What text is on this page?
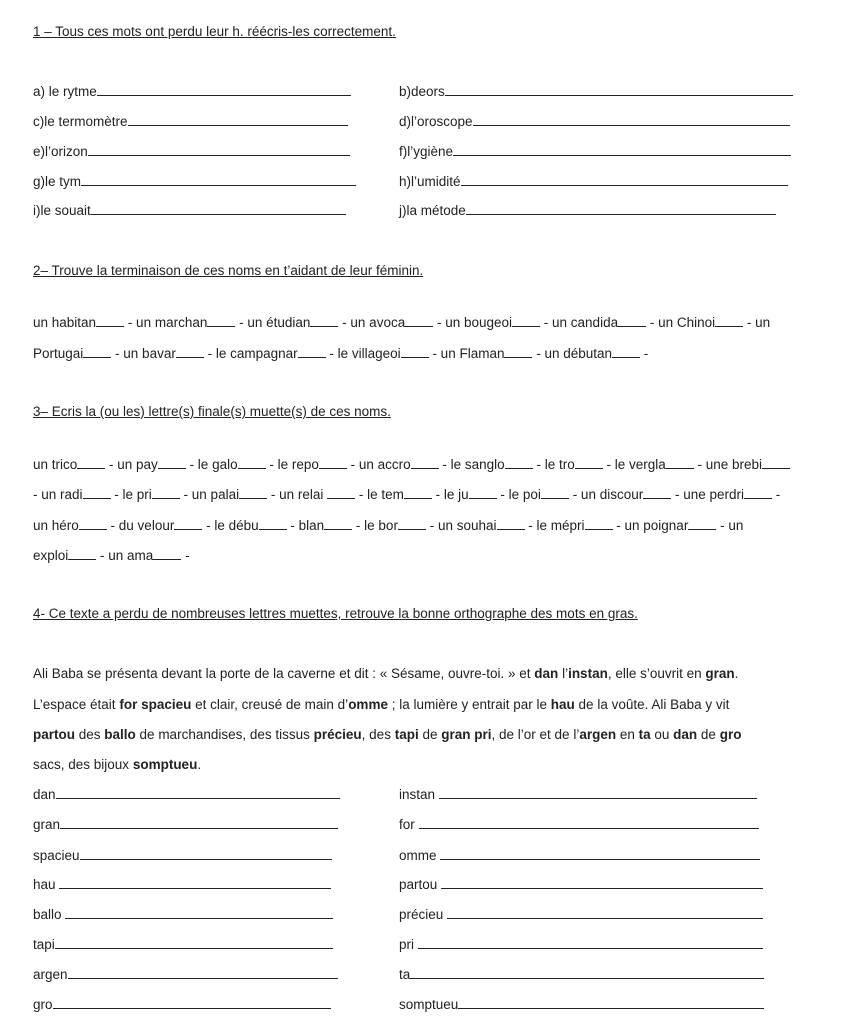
1 – Tous ces mots ont perdu leur h. réécris-les correctement.
a) le rytme	b)deors
c)le termomètre	d)l’oroscope
e)l’orizon	f)l’ygiène
g)le tym	h)l’umidité
i)le souait	j)la métode
2– Trouve la terminaison de ces noms en t’aidant de leur féminin.
un habitan - un marchan - un étudian - un avoca - un bougeoi - un candida - un Chinoi - un
Portugai - un bavar - le campagnar - le villageoi - un Flaman - un débutan -
3– Ecris la (ou les) lettre(s) finale(s) muette(s) de ces noms.
un trico - un pay - le galo - le repo - un accro - le sanglo - le tro - le vergla - une brebi
- un radi - le pri - un palai - un relai  - le tem - le ju - le poi - un discour - une perdri -
un héro - du velour - le débu - blan - le bor - un souhai - le mépri - un poignar - un
exploi - un ama -
4- Ce texte a perdu de nombreuses lettres muettes, retrouve la bonne orthographe des mots en gras.
Ali Baba se présenta devant la porte de la caverne et dit : « Sésame, ouvre-toi. » et dan l’instan, elle s’ouvrit en gran.
L’espace était for spacieu et clair, creusé de main d’omme ; la lumière y entrait par le hau de la voûte. Ali Baba y vit
partou des ballo de marchandises, des tissus précieu, des tapi de gran pri, de l’or et de l’argen en ta ou dan de gro
sacs, des bijoux somptueu.
dan	instan
gran	for
spacieu	omme
hau	partou
ballo	précieu
tapi	pri
argen	ta
gro	somptueu
